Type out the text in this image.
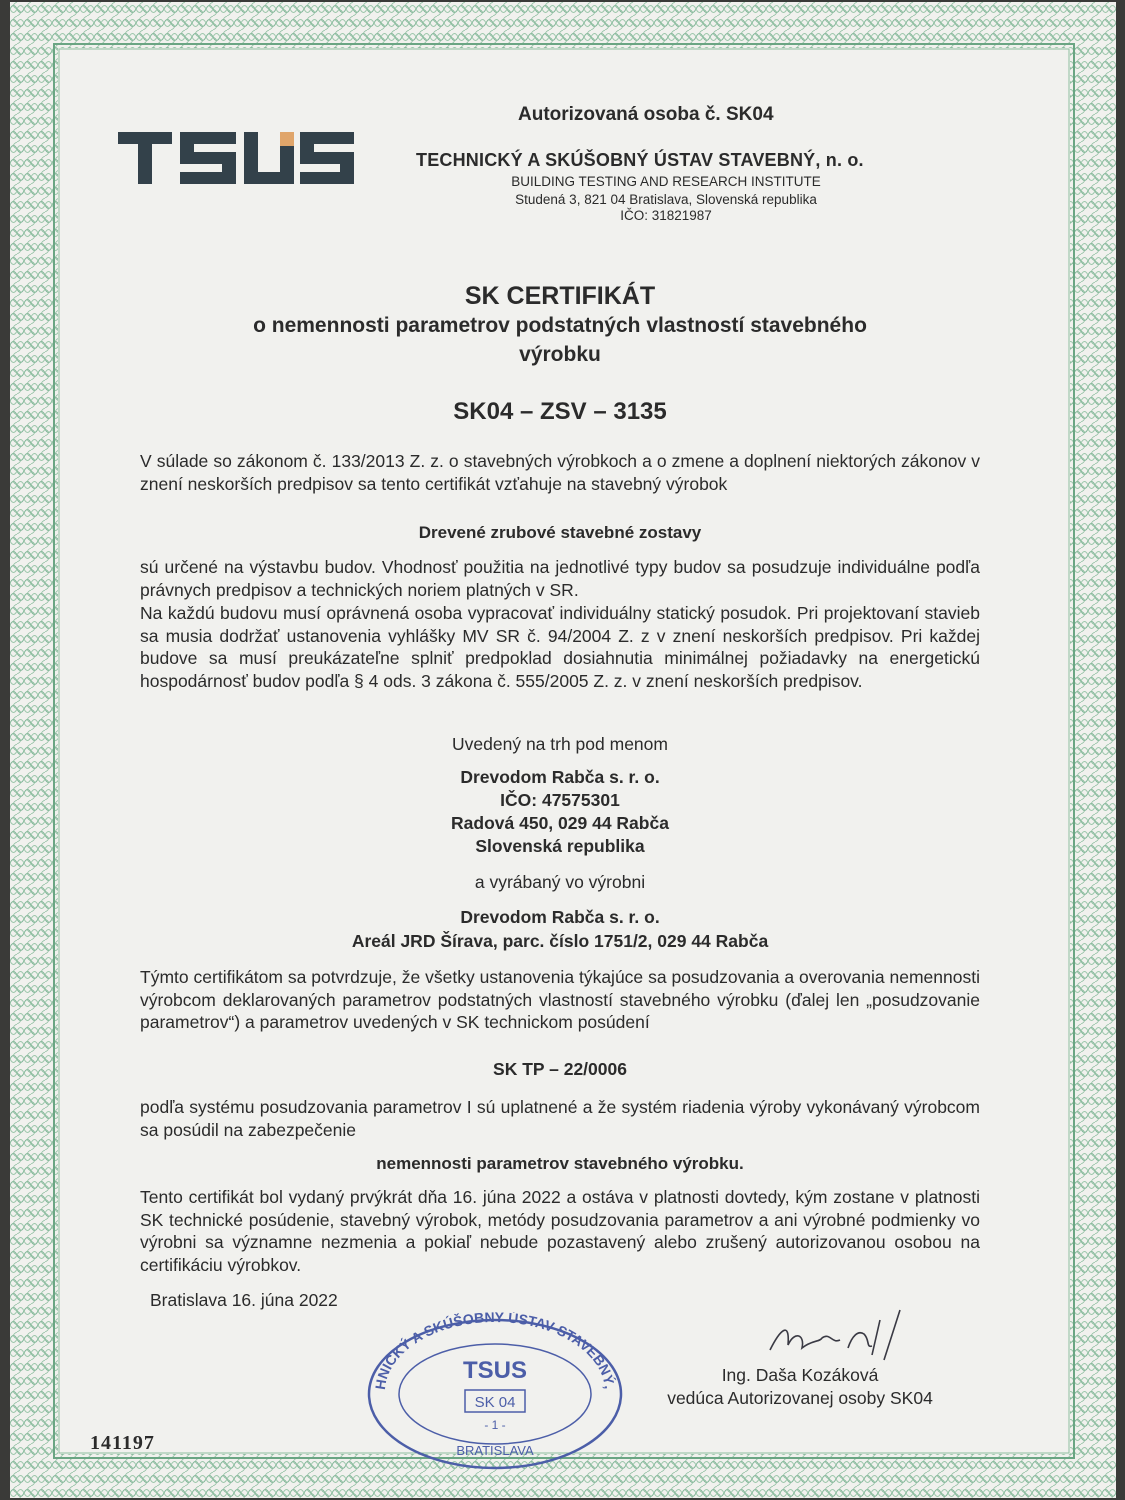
Autorizovaná osoba č. SK04
TECHNICKÝ A SKÚŠOBNÝ ÚSTAV STAVEBNÝ, n. o.
BUILDING TESTING AND RESEARCH INSTITUTE
Studená 3, 821 04 Bratislava, Slovenská republika
IČO: 31821987
SK CERTIFIKÁT
o nemennosti parametrov podstatných vlastností stavebného
výrobku
SK04 – ZSV – 3135
V súlade so zákonom č. 133/2013 Z. z. o stavebných výrobkoch a o zmene a doplnení niektorých zákonov v znení neskorších predpisov sa tento certifikát vzťahuje na stavebný výrobok
Drevené zrubové stavebné zostavy
sú určené na výstavbu budov. Vhodnosť použitia na jednotlivé typy budov sa posudzuje individuálne podľa právnych predpisov a technických noriem platných v SR.
Na každú budovu musí oprávnená osoba vypracovať individuálny statický posudok. Pri projektovaní stavieb sa musia dodržať ustanovenia vyhlášky MV SR č. 94/2004 Z. z v znení neskorších predpisov. Pri každej budove sa musí preukázateľne splniť predpoklad dosiahnutia minimálnej požiadavky na energetickú hospodárnosť budov podľa § 4 ods. 3 zákona č. 555/2005 Z. z. v znení neskorších predpisov.
Uvedený na trh pod menom
Drevodom Rabča s. r. o.
IČO: 47575301
Radová 450, 029 44 Rabča
Slovenská republika
a vyrábaný vo výrobni
Drevodom Rabča s. r. o.
Areál JRD Šírava, parc. číslo 1751/2, 029 44 Rabča
Týmto certifikátom sa potvrdzuje, že všetky ustanovenia týkajúce sa posudzovania a overovania nemennosti výrobcom deklarovaných parametrov podstatných vlastností stavebného výrobku (ďalej len „posudzovanie parametrov“) a parametrov uvedených v SK technickom posúdení
SK TP – 22/0006
podľa systému posudzovania parametrov I sú uplatnené a že systém riadenia výroby vykonávaný výrobcom sa posúdil na zabezpečenie
nemennosti parametrov stavebného výrobku.
Tento certifikát bol vydaný prvýkrát dňa 16. júna 2022 a ostáva v platnosti dovtedy, kým zostane v platnosti SK technické posúdenie, stavebný výrobok, metódy posudzovania parametrov a ani výrobné podmienky vo výrobni sa významne nezmenia a pokiaľ nebude pozastavený alebo zrušený autorizovanou osobou na certifikáciu výrobkov.
Bratislava 16. júna 2022
HNICKÝ A SKÚŠOBNÝ ÚSTAV STAVEBNÝ,
TSUS
SK 04
- 1 -
BRATISLAVA
Ing. Daša Kozáková
vedúca Autorizovanej osoby SK04
141197
